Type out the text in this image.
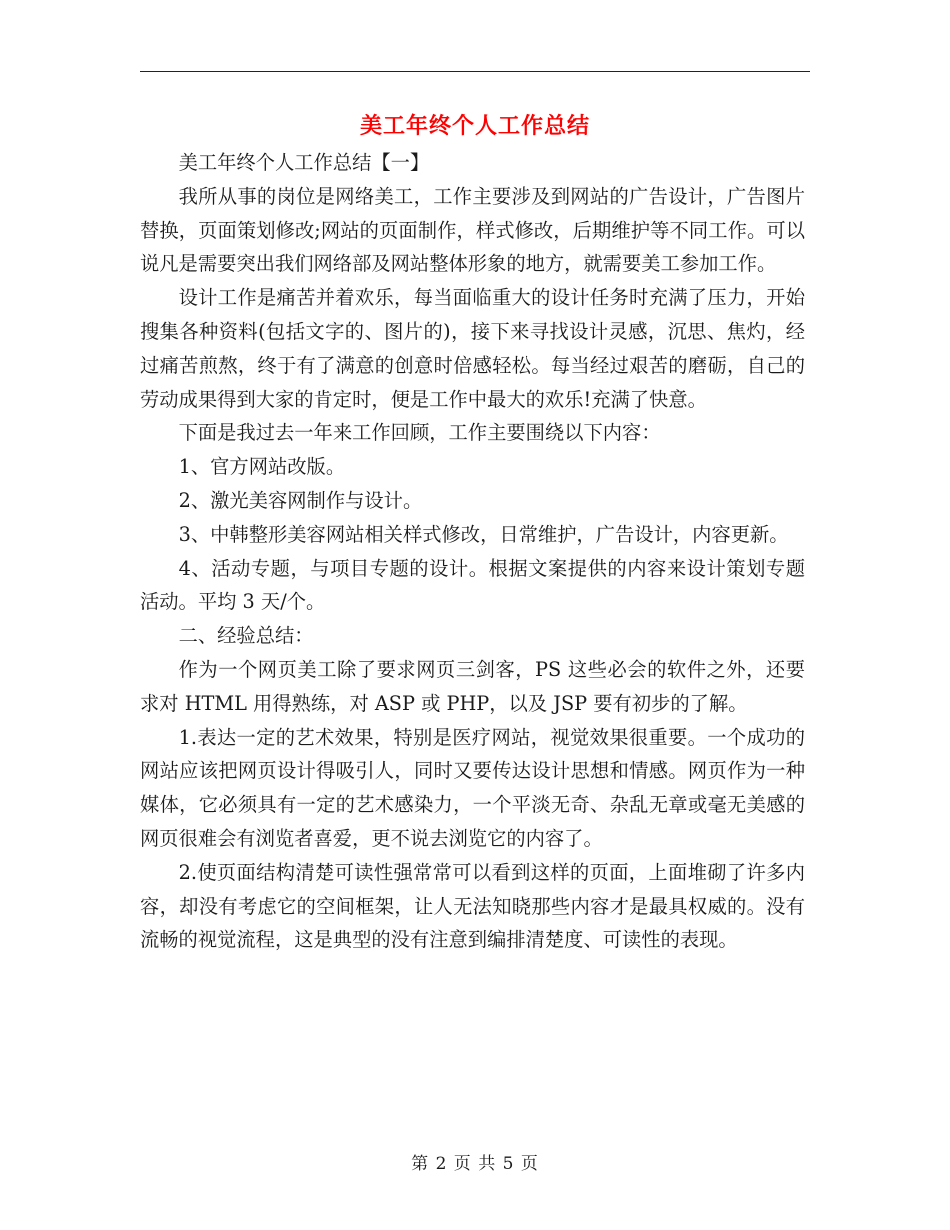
美工年终个人工作总结

美工年终个人工作总结【一】

我所从事的岗位是网络美工，工作主要涉及到网站的广告设计，广告图片替换，页面策划修改;网站的页面制作，样式修改，后期维护等不同工作。可以说凡是需要突出我们网络部及网站整体形象的地方，就需要美工参加工作。

设计工作是痛苦并着欢乐，每当面临重大的设计任务时充满了压力，开始搜集各种资料(包括文字的、图片的)，接下来寻找设计灵感，沉思、焦灼，经过痛苦煎熬，终于有了满意的创意时倍感轻松。每当经过艰苦的磨砺，自己的劳动成果得到大家的肯定时，便是工作中最大的欢乐!充满了快意。

下面是我过去一年来工作回顾，工作主要围绕以下内容：

1、官方网站改版。

2、激光美容网制作与设计。

3、中韩整形美容网站相关样式修改，日常维护，广告设计，内容更新。

4、活动专题，与项目专题的设计。根据文案提供的内容来设计策划专题活动。平均 3 天/个。

二、经验总结：

作为一个网页美工除了要求网页三剑客，PS 这些必会的软件之外，还要求对 HTML 用得熟练，对 ASP 或 PHP，以及 JSP 要有初步的了解。

1.表达一定的艺术效果，特别是医疗网站，视觉效果很重要。一个成功的网站应该把网页设计得吸引人，同时又要传达设计思想和情感。网页作为一种媒体，它必须具有一定的艺术感染力，一个平淡无奇、杂乱无章或毫无美感的网页很难会有浏览者喜爱，更不说去浏览它的内容了。

2.使页面结构清楚可读性强常常可以看到这样的页面，上面堆砌了许多内容，却没有考虑它的空间框架，让人无法知晓那些内容才是最具权威的。没有流畅的视觉流程，这是典型的没有注意到编排清楚度、可读性的表现。

第 2 页 共 5 页
